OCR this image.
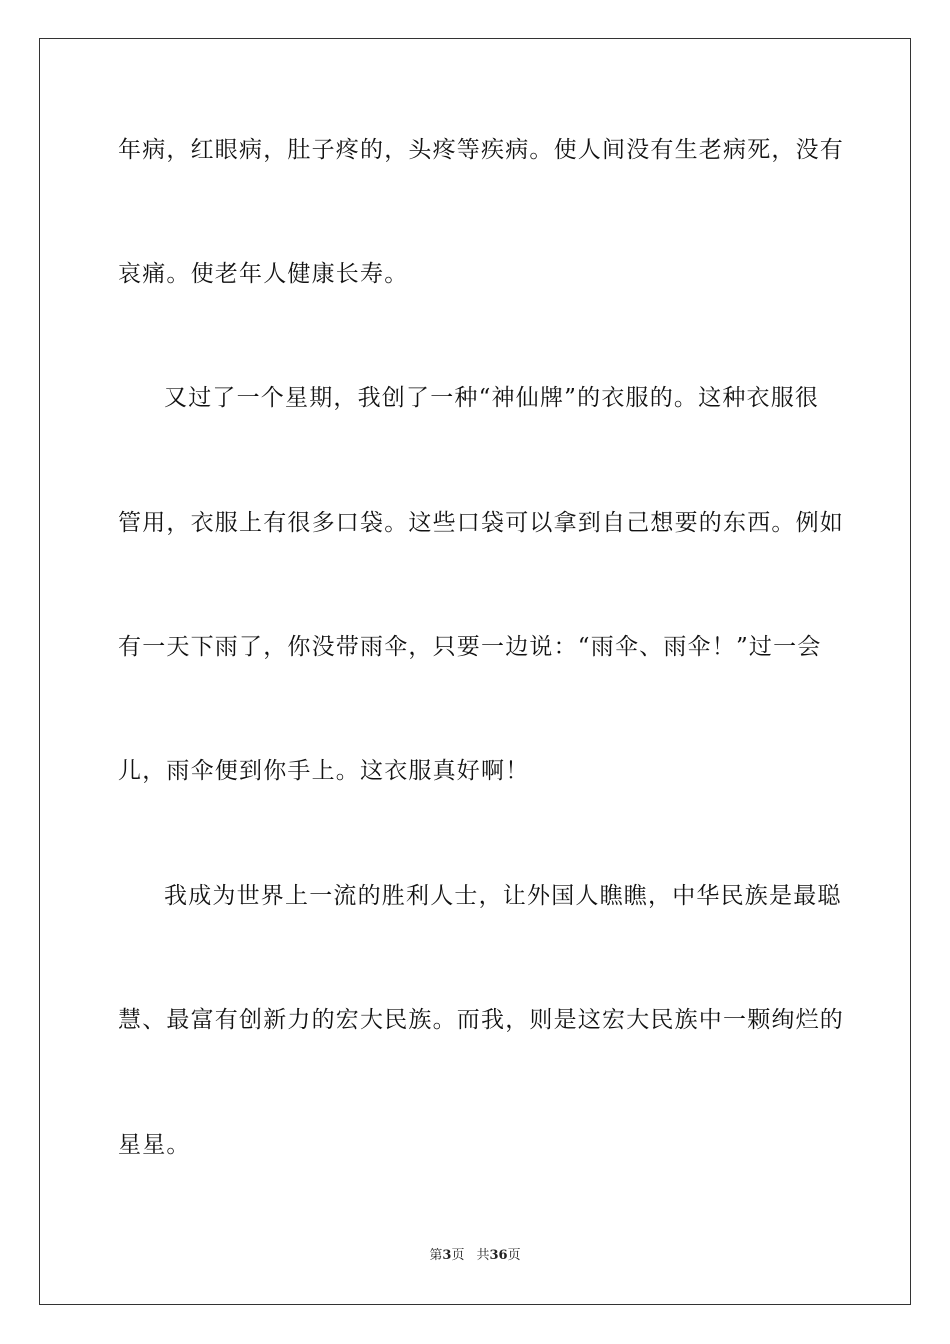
年病，红眼病，肚子疼的，头疼等疾病。使人间没有生老病死，没有
哀痛。使老年人健康长寿。
又过了一个星期，我创了一种“神仙牌”的衣服的。这种衣服很
管用，衣服上有很多口袋。这些口袋可以拿到自己想要的东西。例如
有一天下雨了，你没带雨伞，只要一边说：“雨伞、雨伞！”过一会
儿，雨伞便到你手上。这衣服真好啊！
我成为世界上一流的胜利人士，让外国人瞧瞧，中华民族是最聪
慧、最富有创新力的宏大民族。而我，则是这宏大民族中一颗绚烂的
星星。
第3页 共36页
